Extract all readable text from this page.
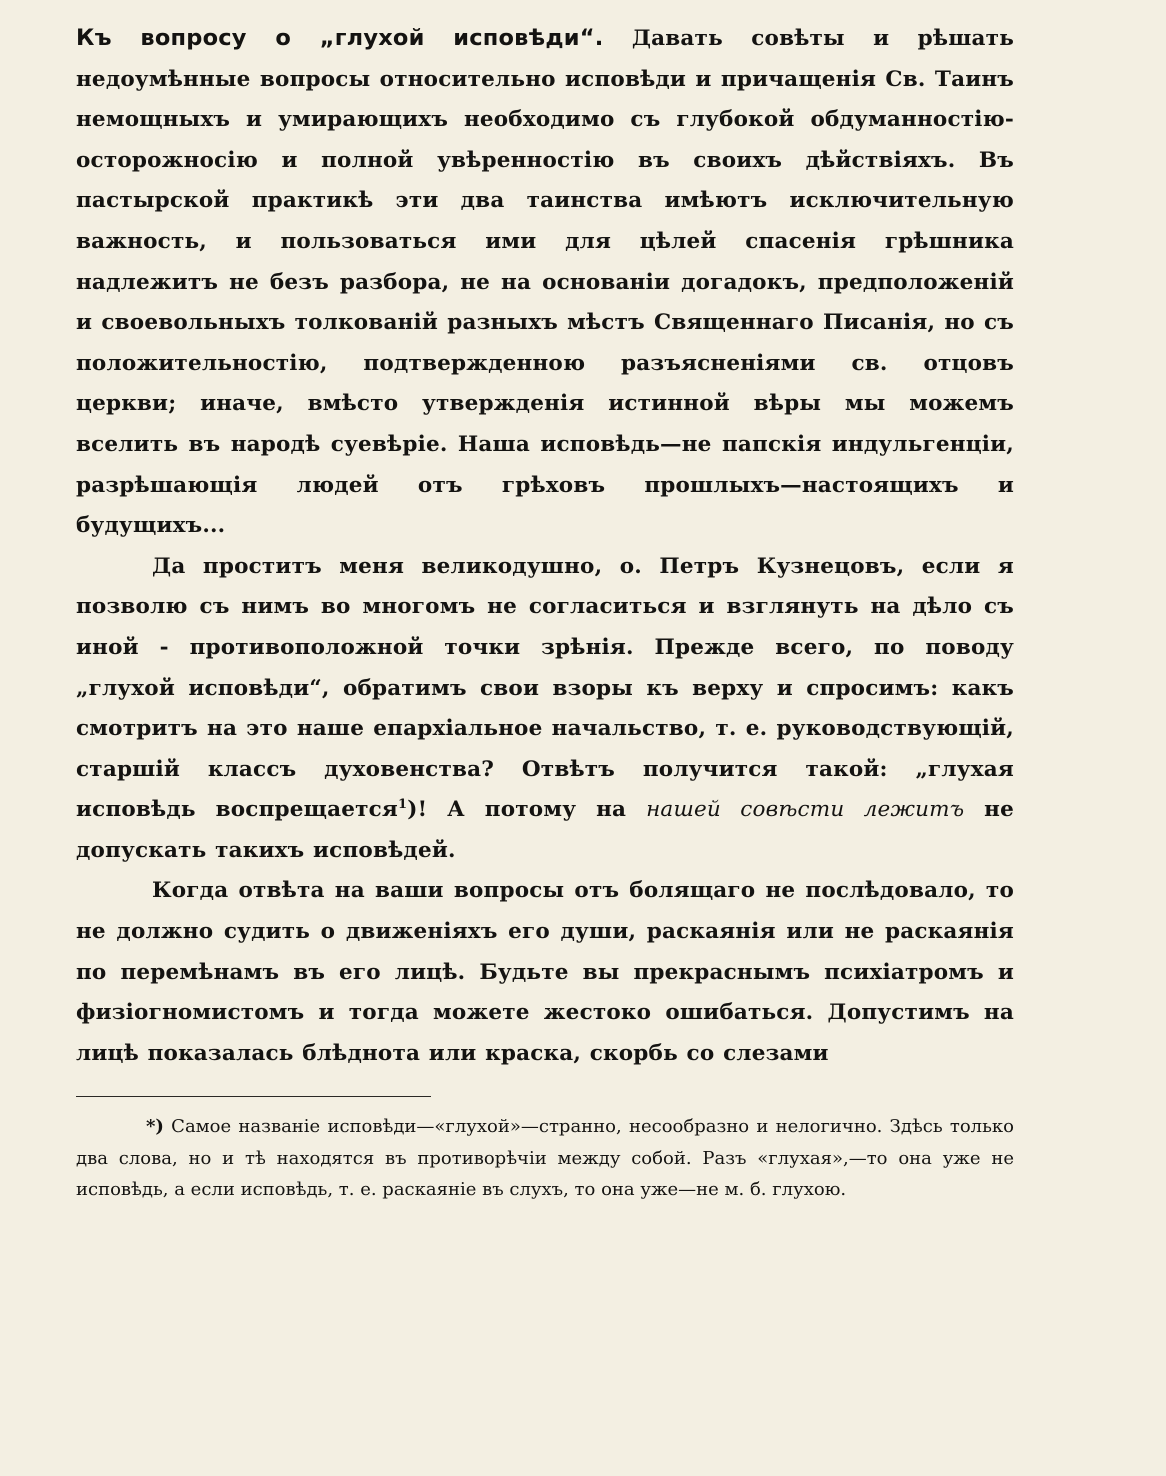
Къ вопросу о „глухой исповѣди“. Давать совѣты и рѣшать недоумѣнные вопросы относительно исповѣди и причащенія Св. Таинъ немощныхъ и умирающихъ необходимо съ глубокой обдуманностію-осторожносію и полной увѣренностію въ своихъ дѣйствіяхъ. Въ пастырской практикѣ эти два таинства имѣютъ исключительную важность, и пользоваться ими для цѣлей спасенія грѣшника надлежитъ не безъ разбора, не на основаніи догадокъ, предположеній и своевольныхъ толкованій разныхъ мѣстъ Священнаго Писанія, но съ положительностію, подтвержденною разъясненіями св. отцовъ церкви; иначе, вмѣсто утвержденія истинной вѣры мы можемъ вселить въ народѣ суевѣріе. Наша исповѣдь—не папскія индульгенціи, разрѣшающія людей отъ грѣховъ прошлыхъ—настоящихъ и будущихъ...

Да проститъ меня великодушно, о. Петръ Кузнецовъ, если я позволю съ нимъ во многомъ не согласиться и взглянуть на дѣло съ иной - противоположной точки зрѣнія. Прежде всего, по поводу „глухой исповѣди“, обратимъ свои взоры къ верху и спросимъ: какъ смотритъ на это наше епархіальное начальство, т. е. руководствующій, старшій классъ духовенства? Отвѣтъ получится такой: „глухая исповѣдь воспрещается$^1$)! А потому на нашей совѣсти лежитъ не допускать такихъ исповѣдей.

Когда отвѣта на ваши вопросы отъ болящаго не послѣдовало, то не должно судить о движеніяхъ его души, раскаянія или не раскаянія по перемѣнамъ въ его лицѣ. Будьте вы прекраснымъ психіатромъ и физіогномистомъ и тогда можете жестоко ошибаться. Допустимъ на лицѣ показалась блѣднота или краска, скорбь со слезами

*) Самое названіе исповѣди—«глухой»—странно, несообразно и нелогично. Здѣсь только два слова, но и тѣ находятся въ противорѣчіи между собой. Разъ «глухая»,—то она уже не исповѣдь, а если исповѣдь, т. е. раскаяніе въ слухъ, то она уже—не м. б. глухою.
